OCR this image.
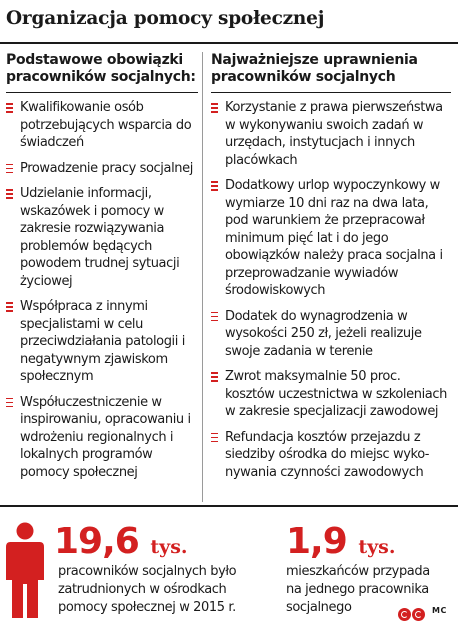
Organizacja pomocy społecznej
Podstawowe obowiązki
pracowników socjalnych:
Kwalifikowanie osób potrzebujących wsparcia do świadczeń
Prowadzenie pracy socjalnej
Udzielanie informacji, wskazówek i pomocy w zakresie rozwiązywania problemów będących powodem trudnej sytuacji życiowej
Współpraca z innymi specjalistami w celu przeciwdziałania patologii i negatywnym zjawiskom społecznym
Współuczestniczenie w inspirowaniu, opracowaniu i wdrożeniu regionalnych i lokalnych programów pomocy społecznej
Najważniejsze uprawnienia
pracowników socjalnych
Korzystanie z prawa pierwszeństwa w wykonywaniu swoich zadań w urzędach, instytucjach i innych placówkach
Dodatkowy urlop wypoczynkowy w wymiarze 10 dni raz na dwa lata, pod warunkiem że przepracował minimum pięć lat i do jego obowiązków należy praca socjalna i przeprowadzanie wywiadów środowiskowych
Dodatek do wynagrodzenia w wysokości 250 zł, jeżeli realizuje swoje zadania w terenie
Zwrot maksymalnie 50 proc. kosztów uczestnictwa w szkoleniach w zakresie specjalizacji zawodowej
Refundacja kosztów przejazdu z siedziby ośrodka do miejsc wykonywania czynności zawodowych
19,6 tys.
pracowników socjalnych było
zatrudnionych w ośrodkach
pomocy społecznej w 2015 r.
1,9 tys.
mieszkańców przypada
na jednego pracownika
socjalnego	MC
